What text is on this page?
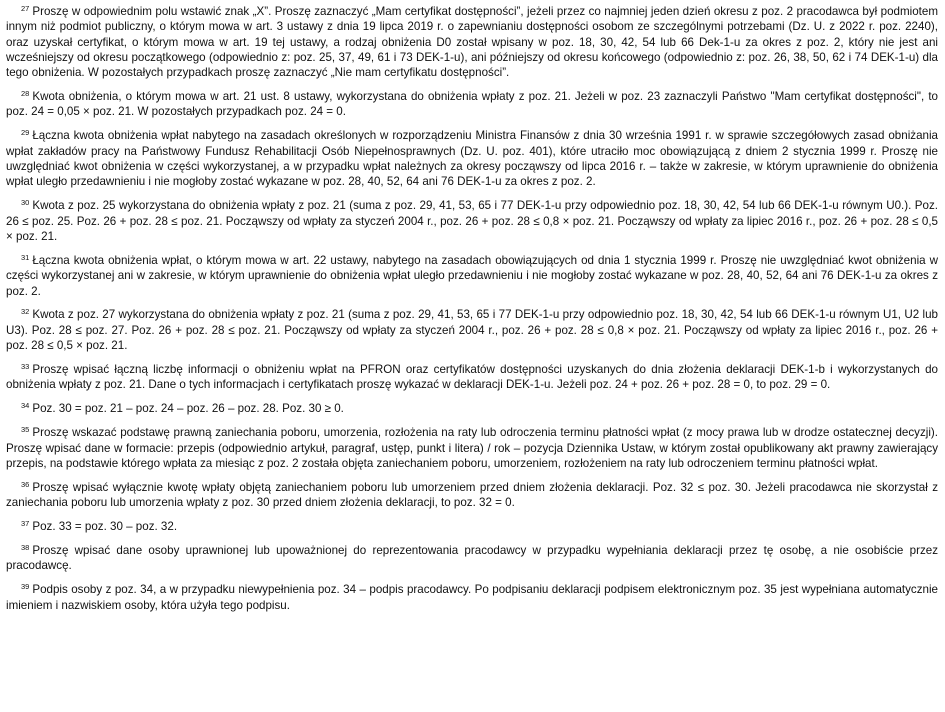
$^{27}$ Proszę w odpowiednim polu wstawić znak „X”. Proszę zaznaczyć „Mam certyfikat dostępności”, jeżeli przez co najmniej jeden dzień okresu z poz. 2 pracodawca był podmiotem innym niż podmiot publiczny, o którym mowa w art. 3 ustawy z dnia 19 lipca 2019 r. o zapewnianiu dostępności osobom ze szczególnymi potrzebami (Dz. U. z 2022 r. poz. 2240), oraz uzyskał certyfikat, o którym mowa w art. 19 tej ustawy, a rodzaj obniżenia D0 został wpisany w poz. 18, 30, 42, 54 lub 66 Dek-1-u za okres z poz. 2, który nie jest ani wcześniejszy od okresu początkowego (odpowiednio z: poz. 25, 37, 49, 61 i 73 DEK-1-u), ani późniejszy od okresu końcowego (odpowiednio z: poz. 26, 38, 50, 62 i 74 DEK-1-u) dla tego obniżenia. W pozostałych przypadkach proszę zaznaczyć „Nie mam certyfikatu dostępności”.

$^{28}$ Kwota obniżenia, o którym mowa w art. 21 ust. 8 ustawy, wykorzystana do obniżenia wpłaty z poz. 21. Jeżeli w poz. 23 zaznaczyli Państwo "Mam certyfikat dostępności", to poz. 24 = 0,05 × poz. 21. W pozostałych przypadkach poz. 24 = 0.

$^{29}$ Łączna kwota obniżenia wpłat nabytego na zasadach określonych w rozporządzeniu Ministra Finansów z dnia 30 września 1991 r. w sprawie szczegółowych zasad obniżania wpłat zakładów pracy na Państwowy Fundusz Rehabilitacji Osób Niepełnosprawnych (Dz. U. poz. 401), które utraciło moc obowiązującą z dniem 2 stycznia 1999 r. Proszę nie uwzględniać kwot obniżenia w części wykorzystanej, a w przypadku wpłat należnych za okresy począwszy od lipca 2016 r. – także w zakresie, w którym uprawnienie do obniżenia wpłat uległo przedawnieniu i nie mogłoby zostać wykazane w poz. 28, 40, 52, 64 ani 76 DEK-1-u za okres z poz. 2.

$^{30}$ Kwota z poz. 25 wykorzystana do obniżenia wpłaty z poz. 21 (suma z poz. 29, 41, 53, 65 i 77 DEK-1-u przy odpowiednio poz. 18, 30, 42, 54 lub 66 DEK-1-u równym U0.). Poz. 26 ≤ poz. 25. Poz. 26 + poz. 28 ≤ poz. 21. Począwszy od wpłaty za styczeń 2004 r., poz. 26 + poz. 28 ≤ 0,8 × poz. 21. Począwszy od wpłaty za lipiec 2016 r., poz. 26 + poz. 28 ≤ 0,5 × poz. 21.

$^{31}$ Łączna kwota obniżenia wpłat, o którym mowa w art. 22 ustawy, nabytego na zasadach obowiązujących od dnia 1 stycznia 1999 r. Proszę nie uwzględniać kwot obniżenia w części wykorzystanej ani w zakresie, w którym uprawnienie do obniżenia wpłat uległo przedawnieniu i nie mogłoby zostać wykazane w poz. 28, 40, 52, 64 ani 76 DEK-1-u za okres z poz. 2.

$^{32}$ Kwota z poz. 27 wykorzystana do obniżenia wpłaty z poz. 21 (suma z poz. 29, 41, 53, 65 i 77 DEK-1-u przy odpowiednio poz. 18, 30, 42, 54 lub 66 DEK-1-u równym U1, U2 lub U3). Poz. 28 ≤ poz. 27. Poz. 26 + poz. 28 ≤ poz. 21. Począwszy od wpłaty za styczeń 2004 r., poz. 26 + poz. 28 ≤ 0,8 × poz. 21. Począwszy od wpłaty za lipiec 2016 r., poz. 26 + poz. 28 ≤ 0,5 × poz. 21.

$^{33}$ Proszę wpisać łączną liczbę informacji o obniżeniu wpłat na PFRON oraz certyfikatów dostępności uzyskanych do dnia złożenia deklaracji DEK-1-b i wykorzystanych do obniżenia wpłaty z poz. 21. Dane o tych informacjach i certyfikatach proszę wykazać w deklaracji DEK-1-u. Jeżeli poz. 24 + poz. 26 + poz. 28 = 0, to poz. 29 = 0.

$^{34}$ Poz. 30 = poz. 21 – poz. 24 – poz. 26 – poz. 28. Poz. 30 ≥ 0.

$^{35}$ Proszę wskazać podstawę prawną zaniechania poboru, umorzenia, rozłożenia na raty lub odroczenia terminu płatności wpłat (z mocy prawa lub w drodze ostatecznej decyzji). Proszę wpisać dane w formacie: przepis (odpowiednio artykuł, paragraf, ustęp, punkt i litera) / rok – pozycja Dziennika Ustaw, w którym został opublikowany akt prawny zawierający przepis, na podstawie którego wpłata za miesiąc z poz. 2 została objęta zaniechaniem poboru, umorzeniem, rozłożeniem na raty lub odroczeniem terminu płatności wpłat.

$^{36}$ Proszę wpisać wyłącznie kwotę wpłaty objętą zaniechaniem poboru lub umorzeniem przed dniem złożenia deklaracji. Poz. 32 ≤ poz. 30. Jeżeli pracodawca nie skorzystał z zaniechania poboru lub umorzenia wpłaty z poz. 30 przed dniem złożenia deklaracji, to poz. 32 = 0.

$^{37}$ Poz. 33 = poz. 30 – poz. 32.

$^{38}$ Proszę wpisać dane osoby uprawnionej lub upoważnionej do reprezentowania pracodawcy w przypadku wypełniania deklaracji przez tę osobę, a nie osobiście przez pracodawcę.

$^{39}$ Podpis osoby z poz. 34, a w przypadku niewypełnienia poz. 34 – podpis pracodawcy. Po podpisaniu deklaracji podpisem elektronicznym poz. 35 jest wypełniana automatycznie imieniem i nazwiskiem osoby, która użyła tego podpisu.
